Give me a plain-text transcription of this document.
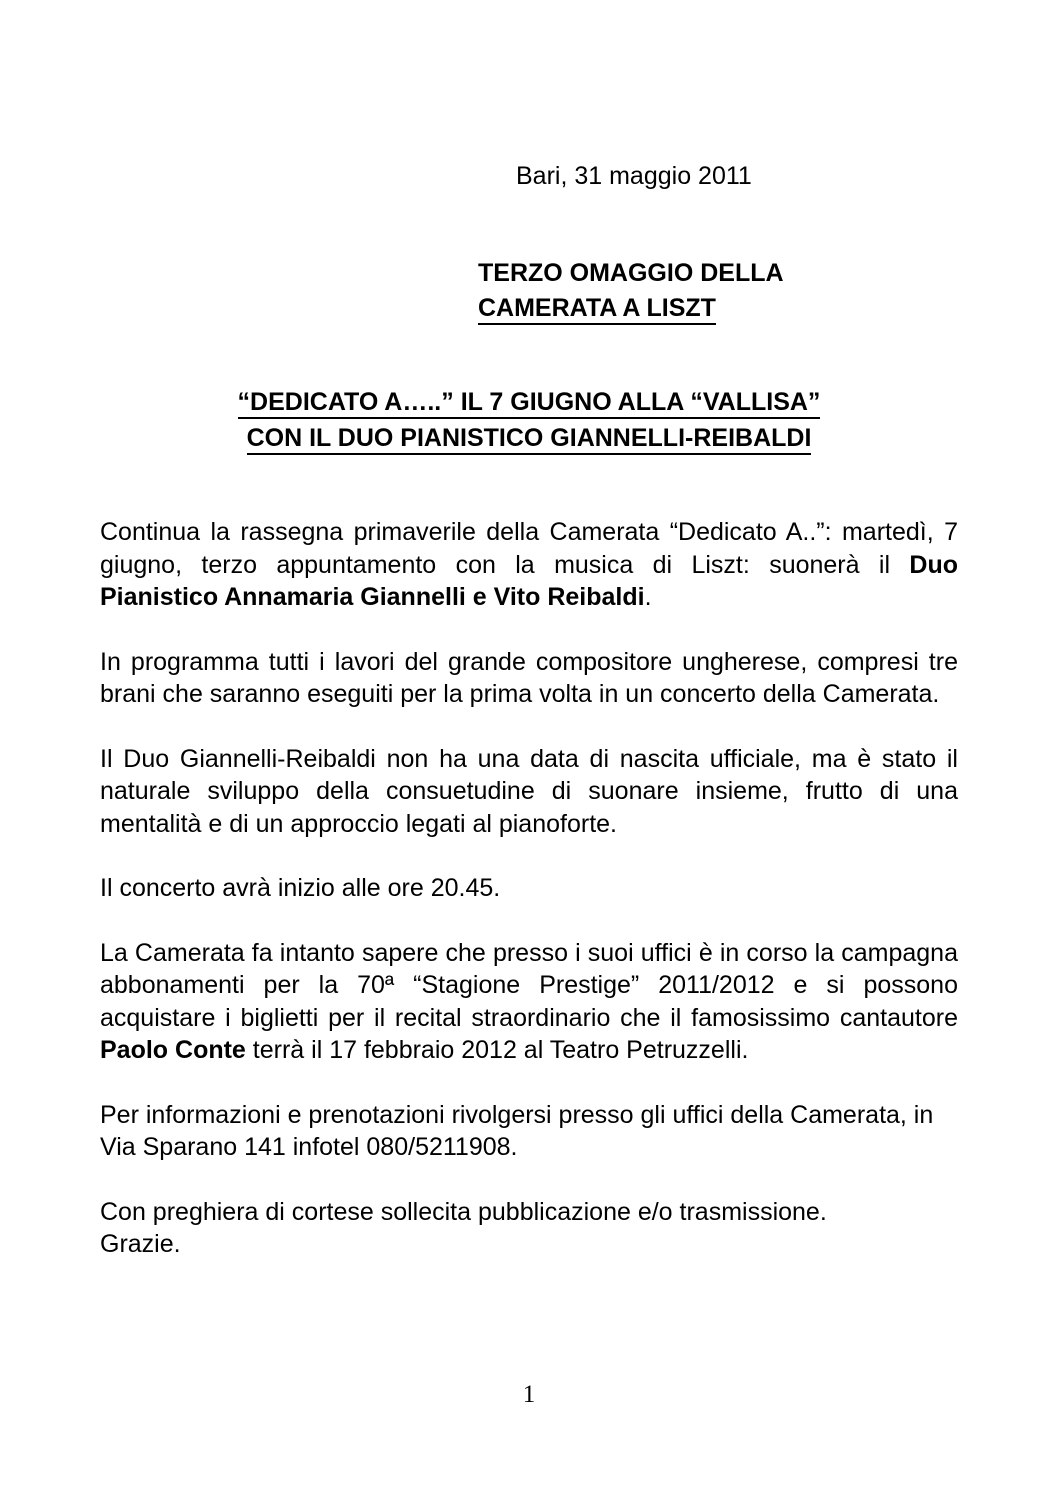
Bari, 31 maggio 2011
TERZO OMAGGIO DELLA
CAMERATA A LISZT
“DEDICATO A…..” IL 7 GIUGNO ALLA “VALLISA”
CON IL DUO PIANISTICO GIANNELLI-REIBALDI

Continua la rassegna primaverile della Camerata “Dedicato A..”: martedì, 7 giugno, terzo appuntamento con la musica di Liszt: suonerà il Duo Pianistico Annamaria Giannelli e Vito Reibaldi.

In programma tutti i lavori del grande compositore ungherese, compresi tre brani che saranno eseguiti per la prima volta in un concerto della Camerata.

Il Duo Giannelli-Reibaldi non ha una data di nascita ufficiale, ma è stato il naturale sviluppo della consuetudine di suonare insieme, frutto di una mentalità e di un approccio legati al pianoforte.

Il concerto avrà inizio alle ore 20.45.

La Camerata fa intanto sapere che presso i suoi uffici è in corso la campagna abbonamenti per la 70ª “Stagione Prestige” 2011/2012 e si possono acquistare i biglietti per il recital straordinario che il famosissimo cantautore Paolo Conte terrà il 17 febbraio 2012 al Teatro Petruzzelli.

Per informazioni e prenotazioni rivolgersi presso gli uffici della Camerata, in Via Sparano 141 infotel 080/5211908.

Con preghiera di cortese sollecita pubblicazione e/o trasmissione.

Grazie.

1
